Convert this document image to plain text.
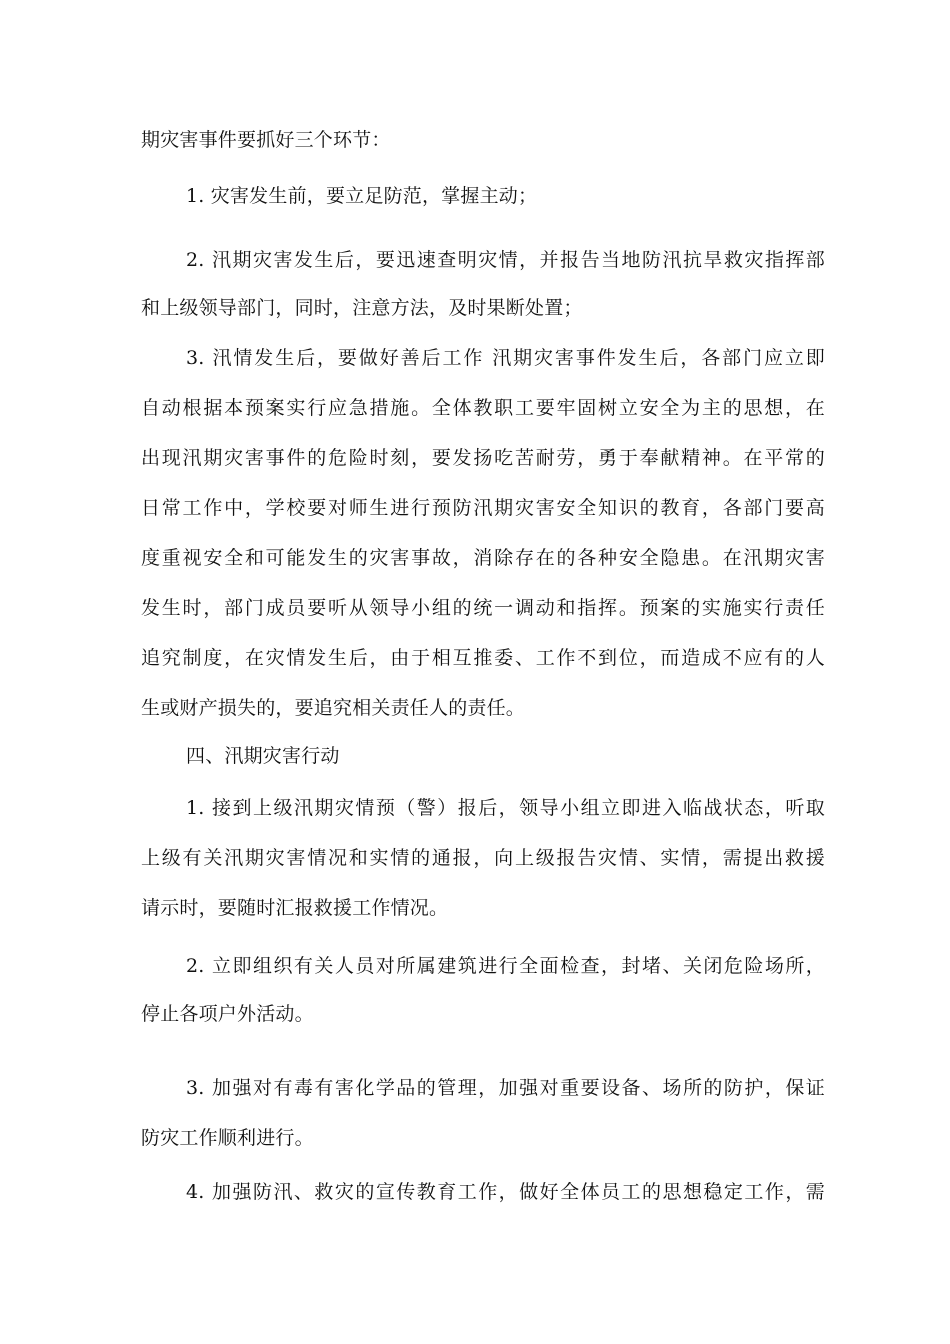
期灾害事件要抓好三个环节：
1. 灾害发生前，要立足防范，掌握主动；
2. 汛期灾害发生后，要迅速查明灾情，并报告当地防汛抗旱救灾指挥部
和上级领导部门，同时，注意方法，及时果断处置；
3. 汛情发生后，要做好善后工作 汛期灾害事件发生后，各部门应立即
自动根据本预案实行应急措施。全体教职工要牢固树立安全为主的思想，在
出现汛期灾害事件的危险时刻，要发扬吃苦耐劳，勇于奉献精神。在平常的
日常工作中，学校要对师生进行预防汛期灾害安全知识的教育，各部门要高
度重视安全和可能发生的灾害事故，消除存在的各种安全隐患。在汛期灾害
发生时，部门成员要听从领导小组的统一调动和指挥。预案的实施实行责任
追究制度，在灾情发生后，由于相互推委、工作不到位，而造成不应有的人
生或财产损失的，要追究相关责任人的责任。
四、汛期灾害行动
1. 接到上级汛期灾情预（警）报后，领导小组立即进入临战状态，听取
上级有关汛期灾害情况和实情的通报，向上级报告灾情、实情，需提出救援
请示时，要随时汇报救援工作情况。
2. 立即组织有关人员对所属建筑进行全面检查，封堵、关闭危险场所，
停止各项户外活动。
3. 加强对有毒有害化学品的管理，加强对重要设备、场所的防护，保证
防灾工作顺利进行。
4. 加强防汛、救灾的宣传教育工作，做好全体员工的思想稳定工作，需
